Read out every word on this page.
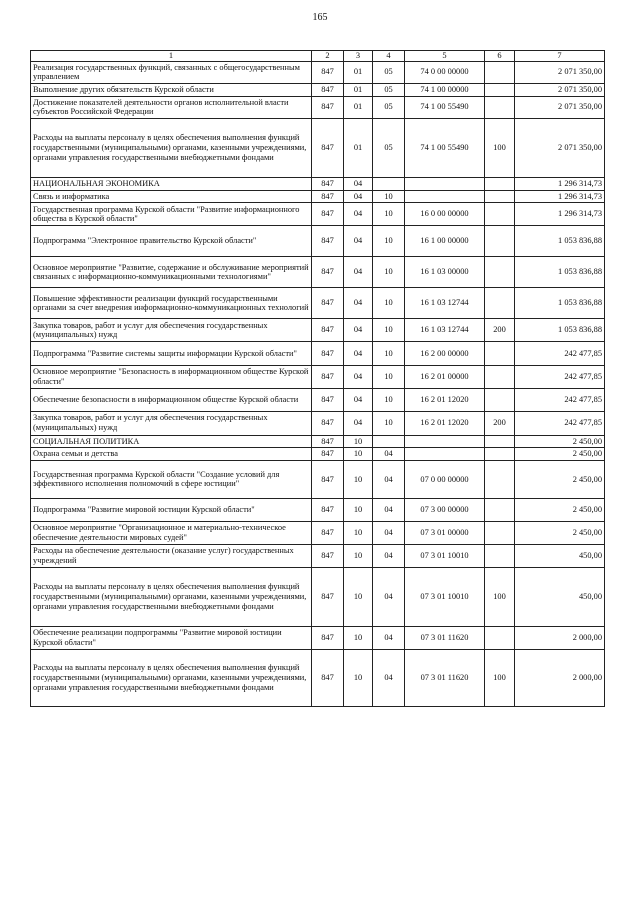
165
1	2	3	4	5	6	7
Реализация государственных функций, связанных с общегосударственным управлением	847	01	05	74 0 00 00000		2 071 350,00
Выполнение других обязательств Курской области	847	01	05	74 1 00 00000		2 071 350,00
Достижение показателей деятельности органов исполнительной власти субъектов Российской Федерации	847	01	05	74 1 00 55490		2 071 350,00
Расходы на выплаты персоналу в целях обеспечения выполнения функций государственными (муниципальными) органами, казенными учреждениями, органами управления государственными внебюджетными фондами	847	01	05	74 1 00 55490	100	2 071 350,00
НАЦИОНАЛЬНАЯ ЭКОНОМИКА	847	04				1 296 314,73
Связь и информатика	847	04	10			1 296 314,73
Государственная программа Курской области "Развитие информационного общества в Курской области"	847	04	10	16 0 00 00000		1 296 314,73
Подпрограмма "Электронное правительство Курской области"	847	04	10	16 1 00 00000		1 053 836,88
Основное мероприятие "Развитие, содержание и обслуживание мероприятий связанных с информационно-коммуникационными технологиями"	847	04	10	16 1 03 00000		1 053 836,88
Повышение эффективности реализации функций государственными органами за счет внедрения информационно-коммуникационных технологий	847	04	10	16 1 03 12744		1 053 836,88
Закупка товаров, работ и услуг для обеспечения государственных (муниципальных) нужд	847	04	10	16 1 03 12744	200	1 053 836,88
Подпрограмма "Развитие системы защиты информации Курской области"	847	04	10	16 2 00 00000		242 477,85
Основное мероприятие "Безопасность в информационном обществе Курской области"	847	04	10	16 2 01 00000		242 477,85
Обеспечение безопасности в информационном обществе Курской области	847	04	10	16 2 01 12020		242 477,85
Закупка товаров, работ и услуг для обеспечения государственных (муниципальных) нужд	847	04	10	16 2 01 12020	200	242 477,85
СОЦИАЛЬНАЯ ПОЛИТИКА	847	10				2 450,00
Охрана семьи и детства	847	10	04			2 450,00
Государственная программа Курской области "Создание условий для эффективного исполнения полномочий в сфере юстиции"	847	10	04	07 0 00 00000		2 450,00
Подпрограмма "Развитие мировой юстиции Курской области"	847	10	04	07 3 00 00000		2 450,00
Основное мероприятие "Организационное и материально-техническое обеспечение деятельности мировых судей"	847	10	04	07 3 01 00000		2 450,00
Расходы на обеспечение деятельности (оказание услуг) государственных учреждений	847	10	04	07 3 01 10010		450,00
Расходы на выплаты персоналу в целях обеспечения выполнения функций государственными (муниципальными) органами, казенными учреждениями, органами управления государственными внебюджетными фондами	847	10	04	07 3 01 10010	100	450,00
Обеспечение реализации подпрограммы "Развитие мировой юстиции Курской области"	847	10	04	07 3 01 11620		2 000,00
Расходы на выплаты персоналу в целях обеспечения выполнения функций государственными (муниципальными) органами, казенными учреждениями, органами управления государственными внебюджетными фондами	847	10	04	07 3 01 11620	100	2 000,00
